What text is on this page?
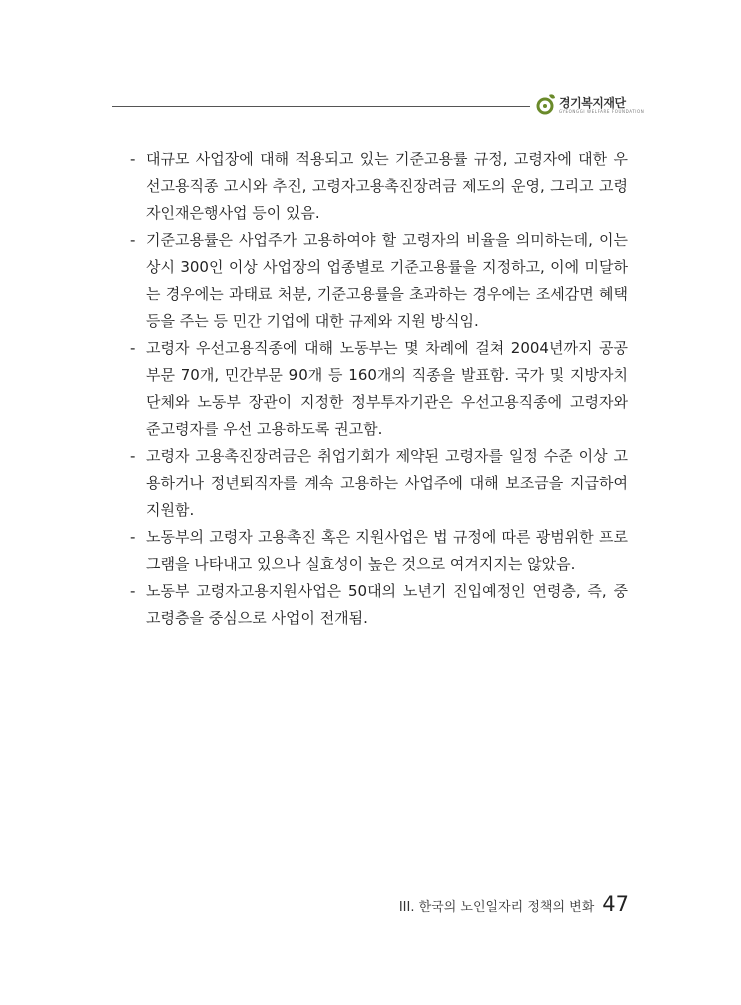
경기복지재단
GYEONGGI WELFARE FOUNDATION

- 대규모 사업장에 대해 적용되고 있는 기준고용률 규정, 고령자에 대한 우선고용직종 고시와 추진, 고령자고용촉진장려금 제도의 운영, 그리고 고령자인재은행사업 등이 있음.

- 기준고용률은 사업주가 고용하여야 할 고령자의 비율을 의미하는데, 이는 상시 300인 이상 사업장의 업종별로 기준고용률을 지정하고, 이에 미달하는 경우에는 과태료 처분, 기준고용률을 초과하는 경우에는 조세감면 혜택 등을 주는 등 민간 기업에 대한 규제와 지원 방식임.

- 고령자 우선고용직종에 대해 노동부는 몇 차례에 걸쳐 2004년까지 공공부문 70개, 민간부문 90개 등 160개의 직종을 발표함. 국가 및 지방자치단체와 노동부 장관이 지정한 정부투자기관은 우선고용직종에 고령자와 준고령자를 우선 고용하도록 권고함.

- 고령자 고용촉진장려금은 취업기회가 제약된 고령자를 일정 수준 이상 고용하거나 정년퇴직자를 계속 고용하는 사업주에 대해 보조금을 지급하여 지원함.

- 노동부의 고령자 고용촉진 혹은 지원사업은 법 규정에 따른 광범위한 프로그램을 나타내고 있으나 실효성이 높은 것으로 여겨지지는 않았음.

- 노동부 고령자고용지원사업은 50대의 노년기 진입예정인 연령층, 즉, 중고령층을 중심으로 사업이 전개됨.

III. 한국의 노인일자리 정책의 변화 47
